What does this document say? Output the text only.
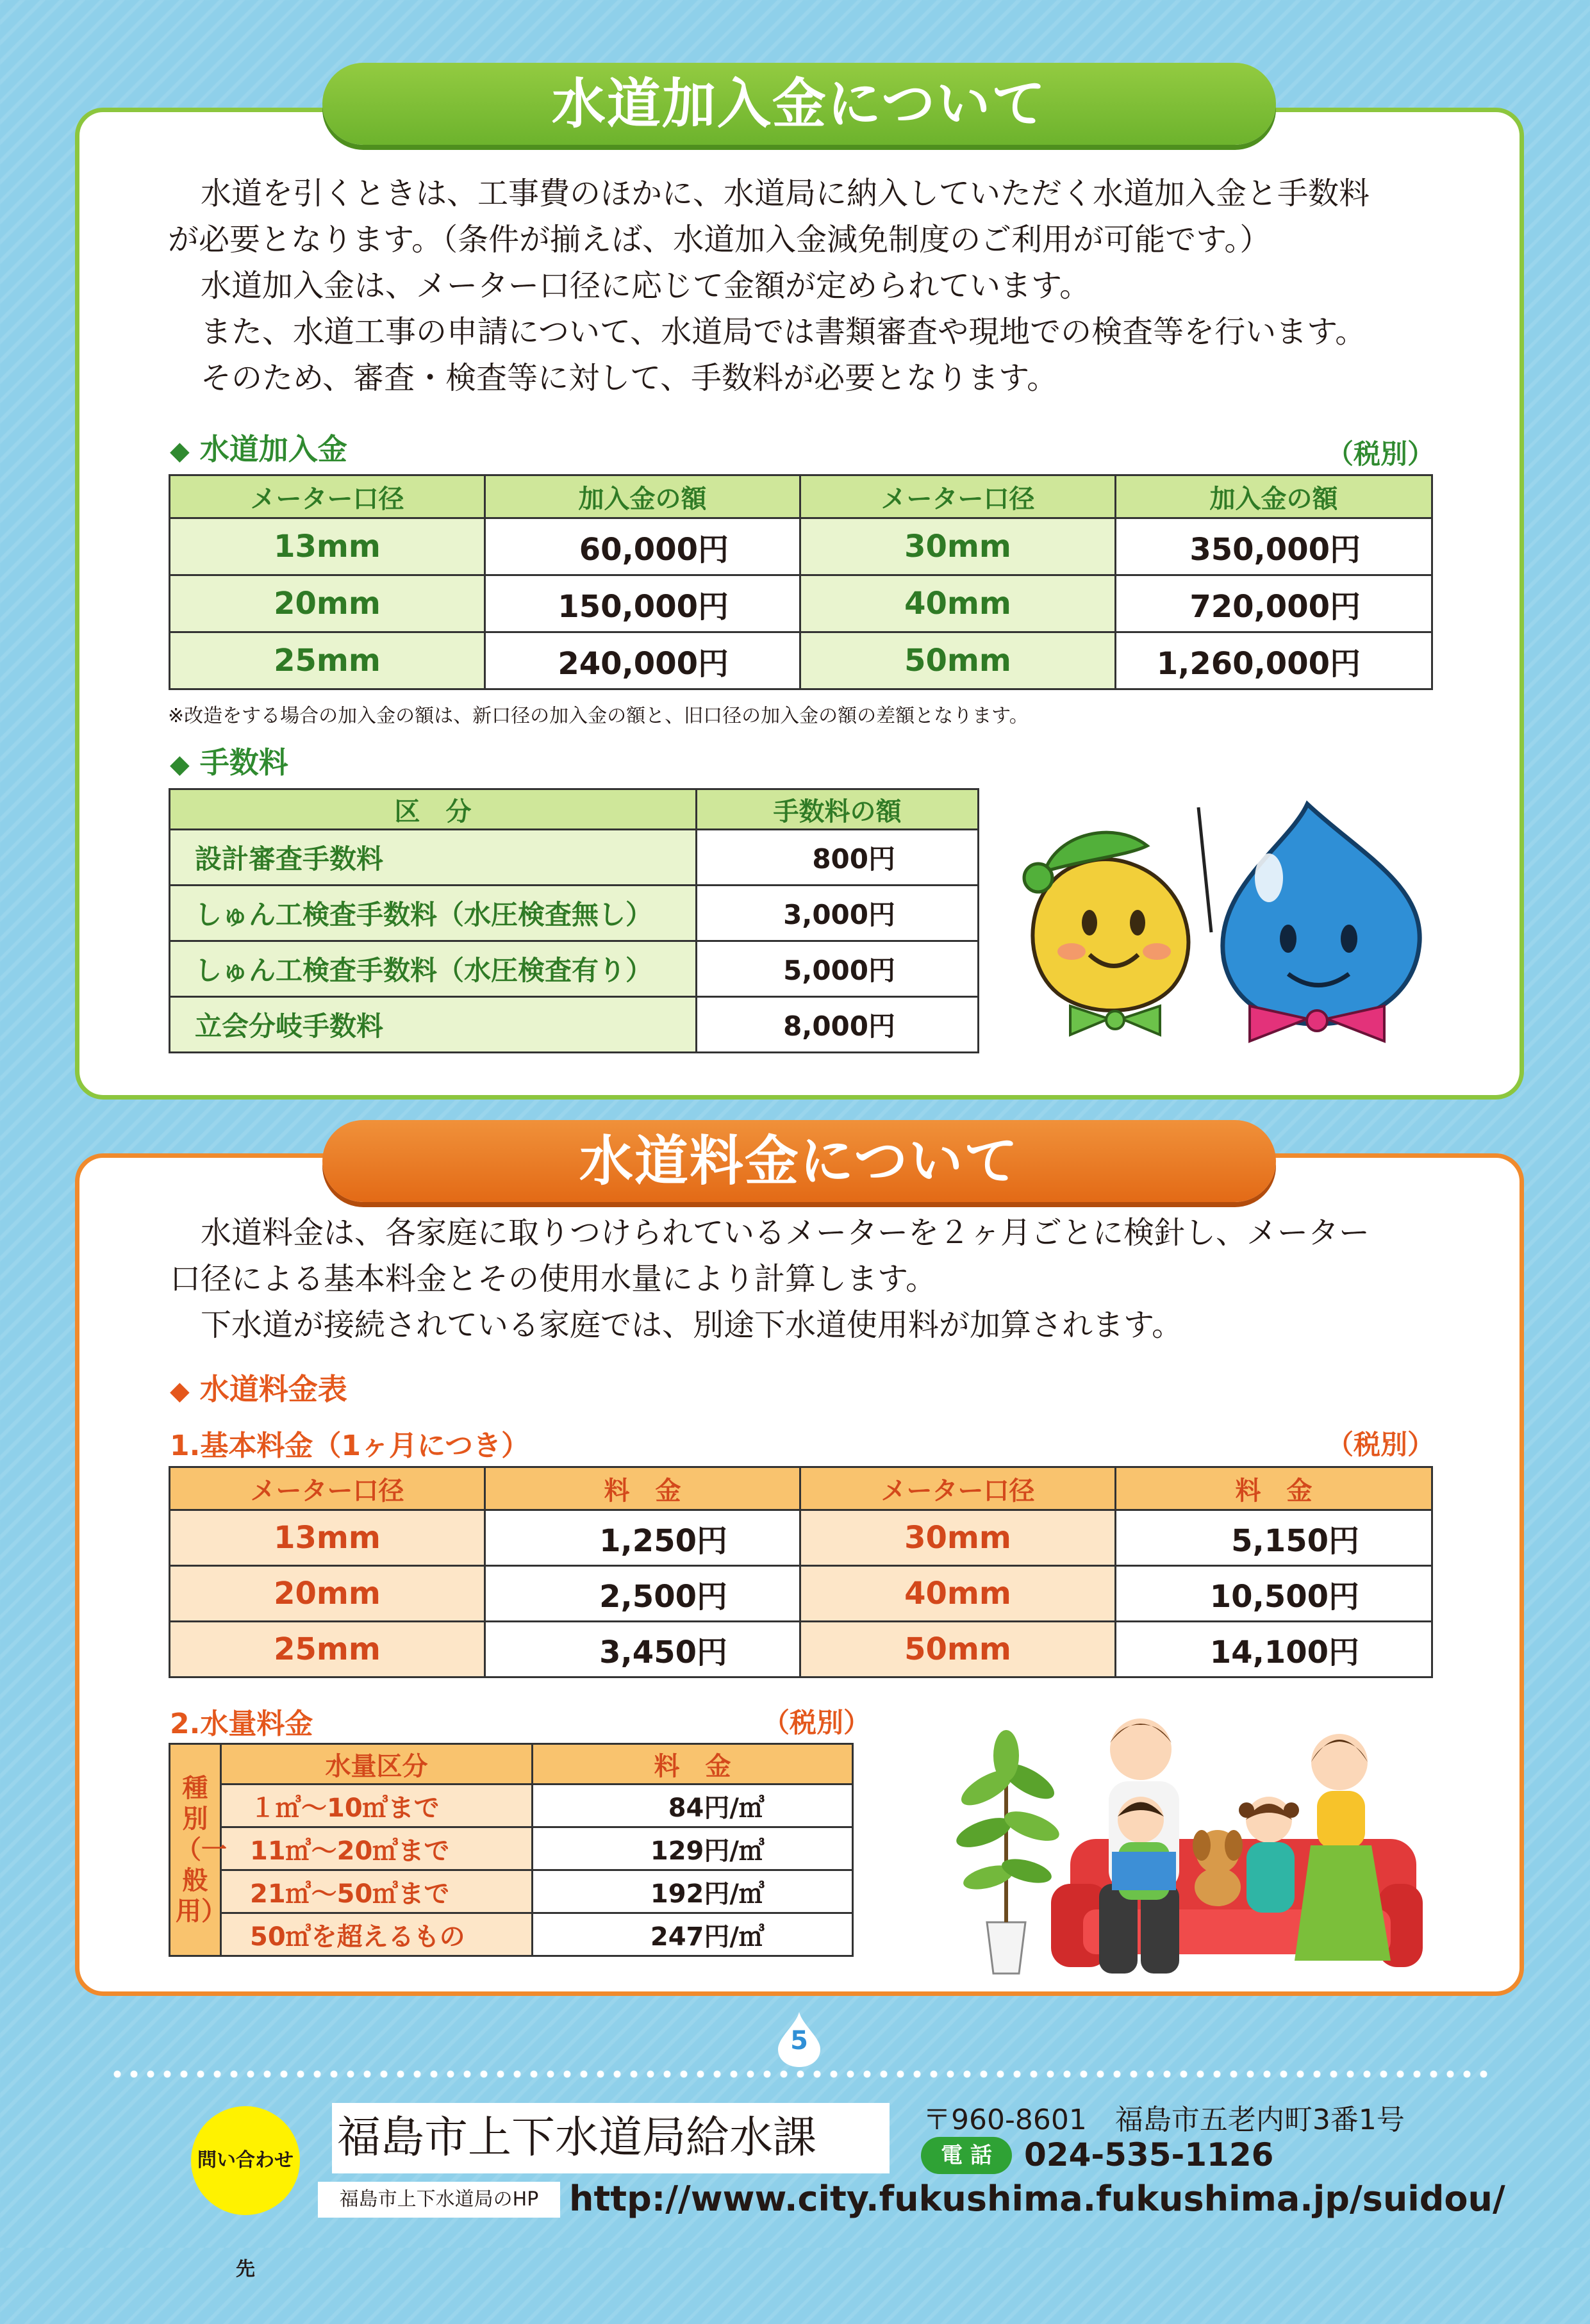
水道加入金について

　水道を引くときは、工事費のほかに、水道局に納入していただく水道加入金と手数料

が必要となります。（条件が揃えば、水道加入金減免制度のご利用が可能です。）

　水道加入金は、メーター口径に応じて金額が定められています。

　また、水道工事の申請について、水道局では書類審査や現地での検査等を行います。

　そのため、審査・検査等に対して、手数料が必要となります。

◆ 水道加入金	（税別）
メーター口径	加入金の額	メーター口径	加入金の額
13mm	60,000円	30mm	350,000円
20mm	150,000円	40mm	720,000円
25mm	240,000円	50mm	1,260,000円
※改造をする場合の加入金の額は、新口径の加入金の額と、旧口径の加入金の額の差額となります。
◆ 手数料
区　分	手数料の額
設計審査手数料	800円
しゅん工検査手数料（水圧検査無し）	3,000円
しゅん工検査手数料（水圧検査有り）	5,000円
立会分岐手数料	8,000円
水道料金について

　水道料金は、各家庭に取りつけられているメーターを２ヶ月ごとに検針し、メーター

口径による基本料金とその使用水量により計算します。

　下水道が接続されている家庭では、別途下水道使用料が加算されます。

◆ 水道料金表
1.基本料金（1ヶ月につき）	（税別）
メーター口径	料　金	メーター口径	料　金
13mm	1,250円	30mm	5,150円
20mm	2,500円	40mm	10,500円
25mm	3,450円	50mm	14,100円
2.水量料金	（税別）
種別（一般用）	水量区分	料　金
	１㎥～10㎥まで	84円/㎥
	11㎥～20㎥まで	129円/㎥
	21㎥～50㎥まで	192円/㎥
	50㎥を超えるもの	247円/㎥
5
問い合わせ先
福島市上下水道局給水課
福島市上下水道局のHP
〒960-8601　福島市五老内町3番1号
電 話	024-535-1126
http://www.city.fukushima.fukushima.jp/suidou/
